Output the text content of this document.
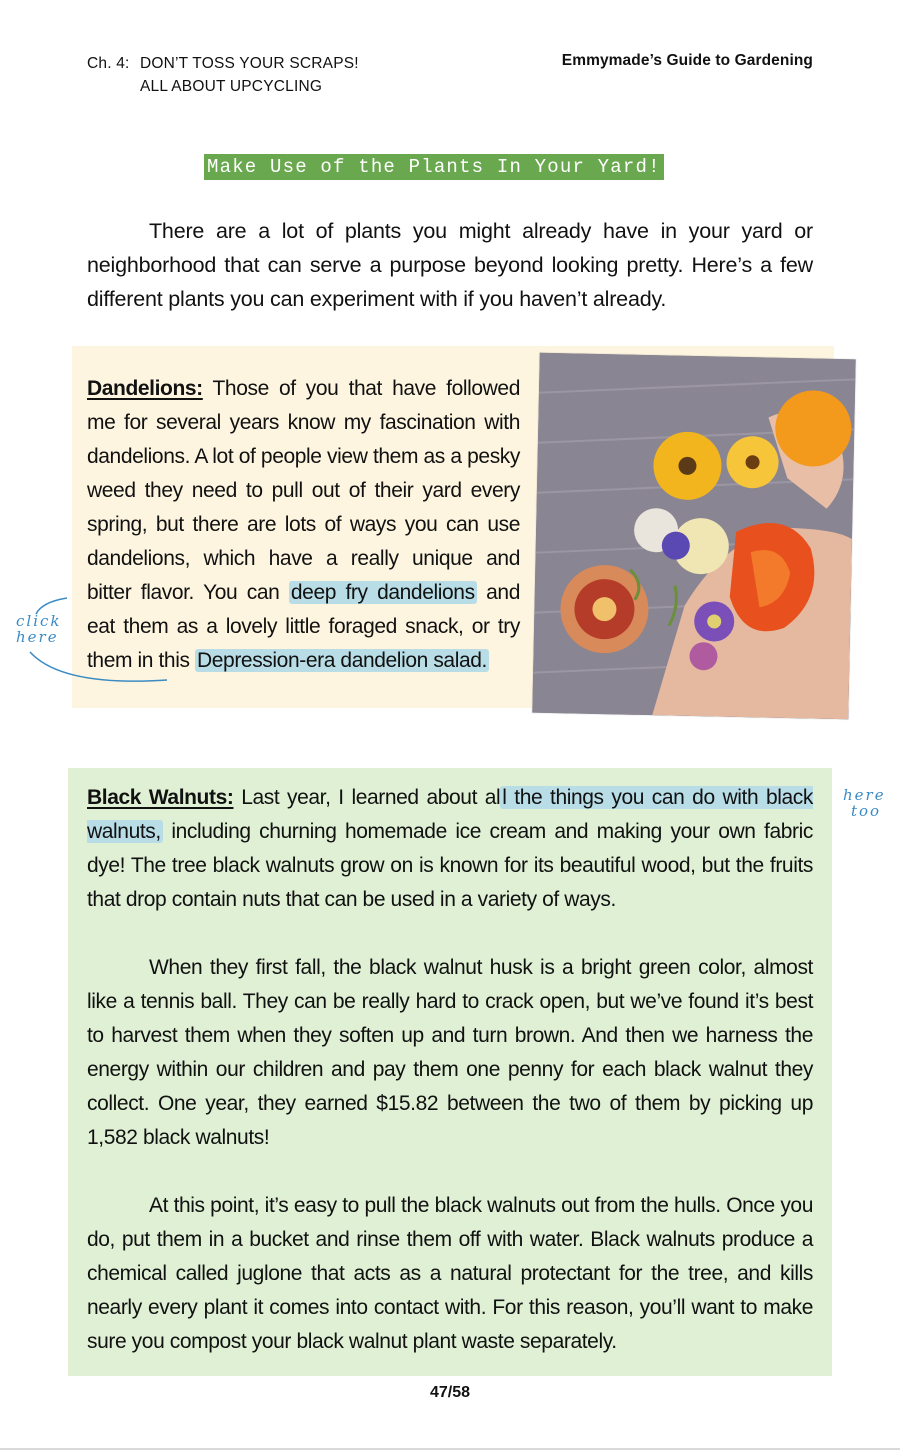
Ch. 4: DON’T TOSS YOUR SCRAPS!
ALL ABOUT UPCYCLING
Emmymade’s Guide to Gardening
Make Use of the Plants In Your Yard!

There are a lot of plants you might already have in your yard or neighborhood that can serve a purpose beyond looking pretty. Here’s a few different plants you can experiment with if you haven’t already.

Dandelions: Those of you that have followed me for several years know my fascination with dandelions. A lot of people view them as a pesky weed they need to pull out of their yard every spring, but there are lots of ways you can use dandelions, which have a really unique and bitter flavor. You can deep fry dandelions and eat them as a lovely little foraged snack, or try them in this Depression-era dandelion salad.
click
here

Black Walnuts: Last year, I learned about all the things you can do with black walnuts, including churning homemade ice cream and making your own fabric dye! The tree black walnuts grow on is known for its beautiful wood, but the fruits that drop contain nuts that can be used in a variety of ways.

When they first fall, the black walnut husk is a bright green color, almost like a tennis ball. They can be really hard to crack open, but we’ve found it’s best to harvest them when they soften up and turn brown. And then we harness the energy within our children and pay them one penny for each black walnut they collect. One year, they earned $15.82 between the two of them by picking up 1,582 black walnuts!

At this point, it’s easy to pull the black walnuts out from the hulls. Once you do, put them in a bucket and rinse them off with water. Black walnuts produce a chemical called juglone that acts as a natural protectant for the tree, and kills nearly every plant it comes into contact with. For this reason, you’ll want to make sure you compost your black walnut plant waste separately.

here
too
47/58
